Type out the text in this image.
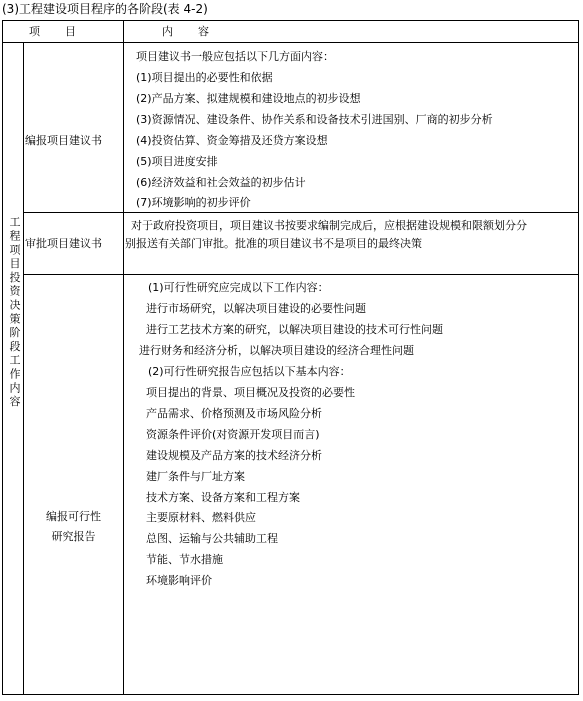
(3)工程建设项目程序的各阶段(表 4-2)
项　　目	内　　容
工程项目投资决策阶段工作内容
编报项目建议书
项目建议书一般应包括以下几方面内容：
(1)项目提出的必要性和依据
(2)产品方案、拟建规模和建设地点的初步设想
(3)资源情况、建设条件、协作关系和设备技术引进国别、厂商的初步分析
(4)投资估算、资金筹措及还贷方案设想
(5)项目进度安排
(6)经济效益和社会效益的初步估计
(7)环境影响的初步评价
审批项目建议书
对于政府投资项目，项目建议书按要求编制完成后，应根据建设规模和限额划分分
别报送有关部门审批。批准的项目建议书不是项目的最终决策
编报可行性
研究报告
(1)可行性研究应完成以下工作内容：
进行市场研究，以解决项目建设的必要性问题
进行工艺技术方案的研究，以解决项目建设的技术可行性问题
进行财务和经济分析，以解决项目建设的经济合理性问题
(2)可行性研究报告应包括以下基本内容：
项目提出的背景、项目概况及投资的必要性
产品需求、价格预测及市场风险分析
资源条件评价(对资源开发项目而言)
建设规模及产品方案的技术经济分析
建厂条件与厂址方案
技术方案、设备方案和工程方案
主要原材料、燃料供应
总图、运输与公共辅助工程
节能、节水措施
环境影响评价
